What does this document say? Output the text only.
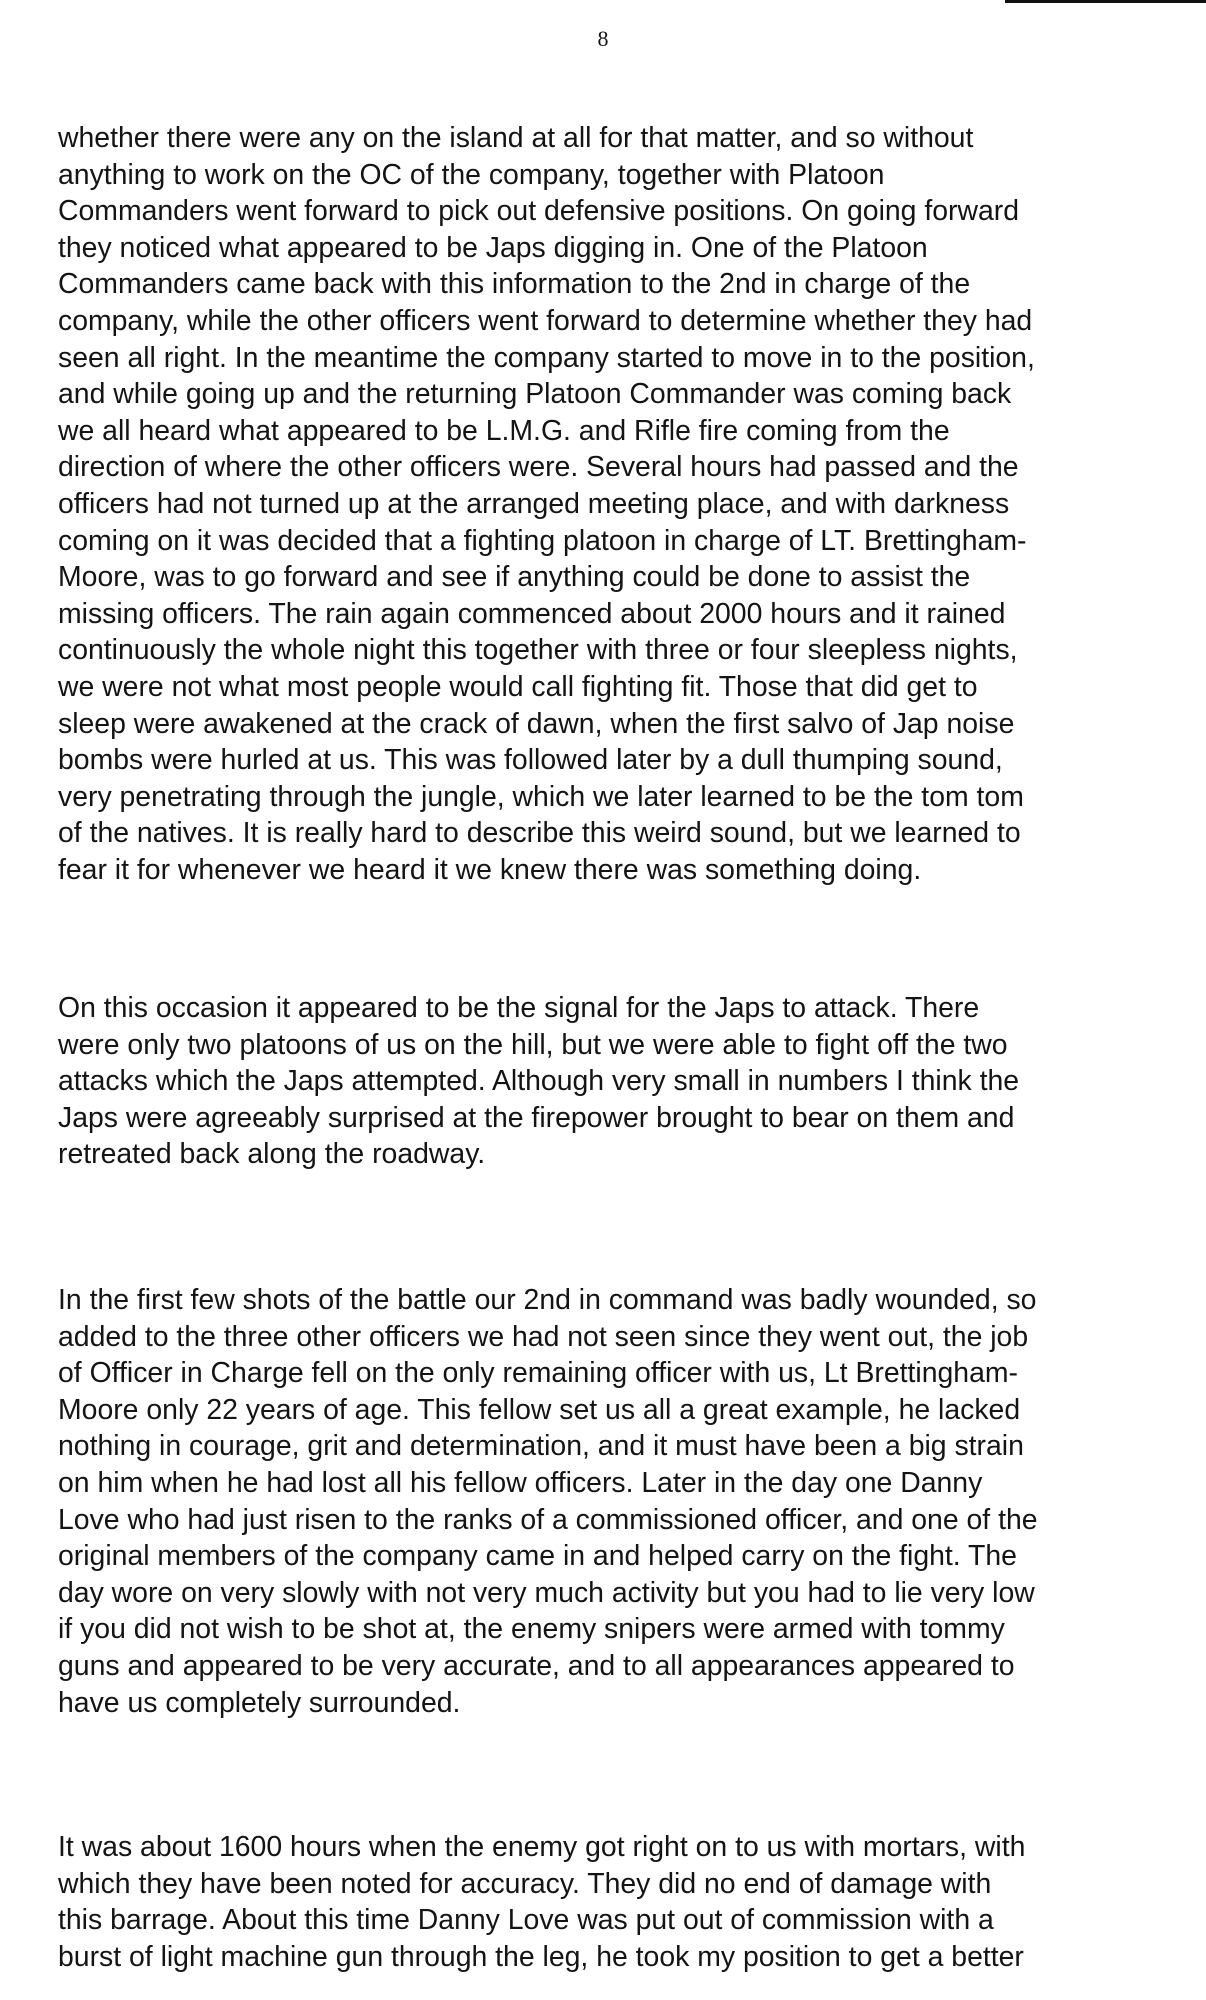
8
whether there were any on the island at all for that matter, and so without
anything to work on the OC of the company, together with Platoon
Commanders went forward to pick out defensive positions. On going forward
they noticed what appeared to be Japs digging in. One of the Platoon
Commanders came back with this information to the 2nd in charge of the
company, while the other officers went forward to determine whether they had
seen all right. In the meantime the company started to move in to the position,
and while going up and the returning Platoon Commander was coming back
we all heard what appeared to be L.M.G. and Rifle fire coming from the
direction of where the other officers were. Several hours had passed and the
officers had not turned up at the arranged meeting place, and with darkness
coming on it was decided that a fighting platoon in charge of LT. Brettingham-
Moore, was to go forward and see if anything could be done to assist the
missing officers. The rain again commenced about 2000 hours and it rained
continuously the whole night this together with three or four sleepless nights,
we were not what most people would call fighting fit. Those that did get to
sleep were awakened at the crack of dawn, when the first salvo of Jap noise
bombs were hurled at us. This was followed later by a dull thumping sound,
very penetrating through the jungle, which we later learned to be the tom tom
of the natives. It is really hard to describe this weird sound, but we learned to
fear it for whenever we heard it we knew there was something doing.
On this occasion it appeared to be the signal for the Japs to attack. There
were only two platoons of us on the hill, but we were able to fight off the two
attacks which the Japs attempted. Although very small in numbers I think the
Japs were agreeably surprised at the firepower brought to bear on them and
retreated back along the roadway.
In the first few shots of the battle our 2nd in command was badly wounded, so
added to the three other officers we had not seen since they went out, the job
of Officer in Charge fell on the only remaining officer with us, Lt Brettingham-
Moore only 22 years of age. This fellow set us all a great example, he lacked
nothing in courage, grit and determination, and it must have been a big strain
on him when he had lost all his fellow officers. Later in the day one Danny
Love who had just risen to the ranks of a commissioned officer, and one of the
original members of the company came in and helped carry on the fight. The
day wore on very slowly with not very much activity but you had to lie very low
if you did not wish to be shot at, the enemy snipers were armed with tommy
guns and appeared to be very accurate, and to all appearances appeared to
have us completely surrounded.
It was about 1600 hours when the enemy got right on to us with mortars, with
which they have been noted for accuracy. They did no end of damage with
this barrage. About this time Danny Love was put out of commission with a
burst of light machine gun through the leg, he took my position to get a better
